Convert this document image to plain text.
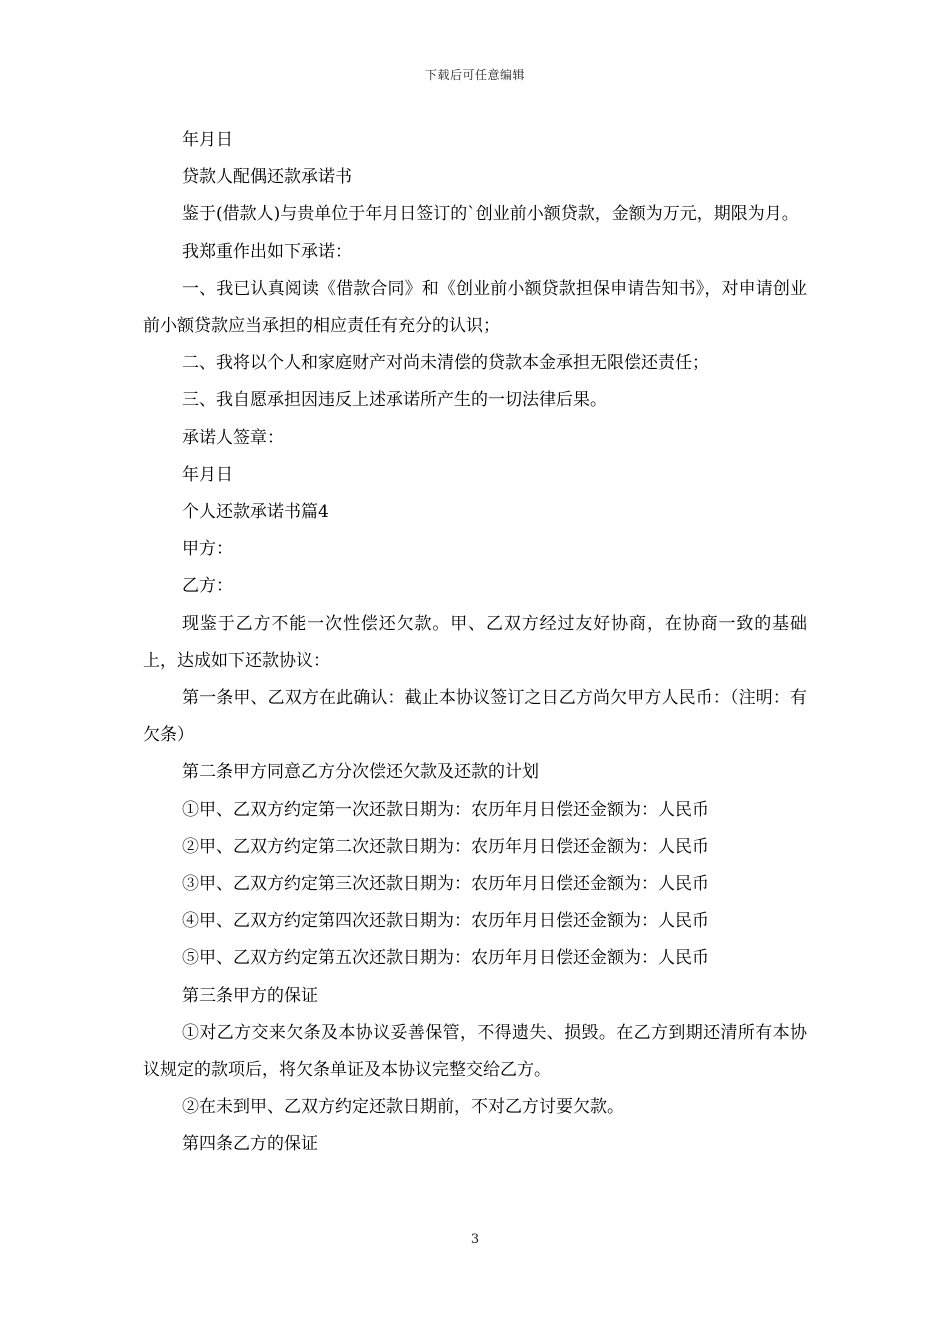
下载后可任意编辑

年月日

贷款人配偶还款承诺书

鉴于(借款人)与贵单位于年月日签订的`创业前小额贷款，金额为万元，期限为月。

我郑重作出如下承诺：

一、我已认真阅读《借款合同》和《创业前小额贷款担保申请告知书》，对申请创业前小额贷款应当承担的相应责任有充分的认识；

二、我将以个人和家庭财产对尚未清偿的贷款本金承担无限偿还责任；

三、我自愿承担因违反上述承诺所产生的一切法律后果。

承诺人签章：

年月日

个人还款承诺书篇4

甲方：

乙方：

现鉴于乙方不能一次性偿还欠款。甲、乙双方经过友好协商，在协商一致的基础上，达成如下还款协议：

第一条甲、乙双方在此确认：截止本协议签订之日乙方尚欠甲方人民币：（注明：有欠条）

第二条甲方同意乙方分次偿还欠款及还款的计划

①甲、乙双方约定第一次还款日期为：农历年月日偿还金额为：人民币

②甲、乙双方约定第二次还款日期为：农历年月日偿还金额为：人民币

③甲、乙双方约定第三次还款日期为：农历年月日偿还金额为：人民币

④甲、乙双方约定第四次还款日期为：农历年月日偿还金额为：人民币

⑤甲、乙双方约定第五次还款日期为：农历年月日偿还金额为：人民币

第三条甲方的保证

①对乙方交来欠条及本协议妥善保管，不得遗失、损毁。在乙方到期还清所有本协议规定的款项后，将欠条单证及本协议完整交给乙方。

②在未到甲、乙双方约定还款日期前，不对乙方讨要欠款。

第四条乙方的保证

3
